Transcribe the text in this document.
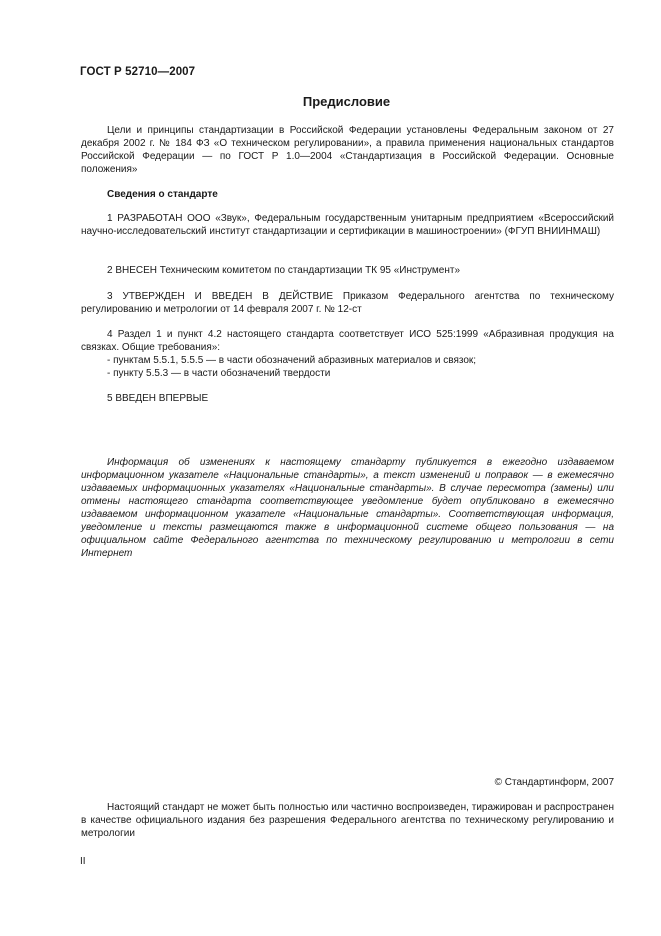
ГОСТ Р 52710—2007
Предисловие
Цели и принципы стандартизации в Российской Федерации установлены Федеральным законом от 27 декабря 2002 г. № 184 ФЗ «О техническом регулировании», а правила применения национальных стандартов Российской Федерации — по ГОСТ Р 1.0—2004 «Стандартизация в Российской Федерации. Основные положения»
Сведения о стандарте
1 РАЗРАБОТАН ООО «Звук», Федеральным государственным унитарным предприятием «Всероссийский научно-исследовательский институт стандартизации и сертификации в машиностроении» (ФГУП ВНИИНМАШ)
2 ВНЕСЕН Техническим комитетом по стандартизации ТК 95 «Инструмент»
3 УТВЕРЖДЕН И ВВЕДЕН В ДЕЙСТВИЕ Приказом Федерального агентства по техническому регулированию и метрологии от 14 февраля 2007 г. № 12-ст
4 Раздел 1 и пункт 4.2 настоящего стандарта соответствует ИСО 525:1999 «Абразивная продукция на связках. Общие требования»:
- пунктам 5.5.1, 5.5.5 — в части обозначений абразивных материалов и связок;
- пункту 5.5.3 — в части обозначений твердости
5 ВВЕДЕН ВПЕРВЫЕ
Информация об изменениях к настоящему стандарту публикуется в ежегодно издаваемом информационном указателе «Национальные стандарты», а текст изменений и поправок — в ежемесячно издаваемых информационных указателях «Национальные стандарты». В случае пересмотра (замены) или отмены настоящего стандарта соответствующее уведомление будет опубликовано в ежемесячно издаваемом информационном указателе «Национальные стандарты». Соответствующая информация, уведомление и тексты размещаются также в информационной системе общего пользования — на официальном сайте Федерального агентства по техническому регулированию и метрологии в сети Интернет
© Стандартинформ, 2007
Настоящий стандарт не может быть полностью или частично воспроизведен, тиражирован и распространен в качестве официального издания без разрешения Федерального агентства по техническому регулированию и метрологии
II
